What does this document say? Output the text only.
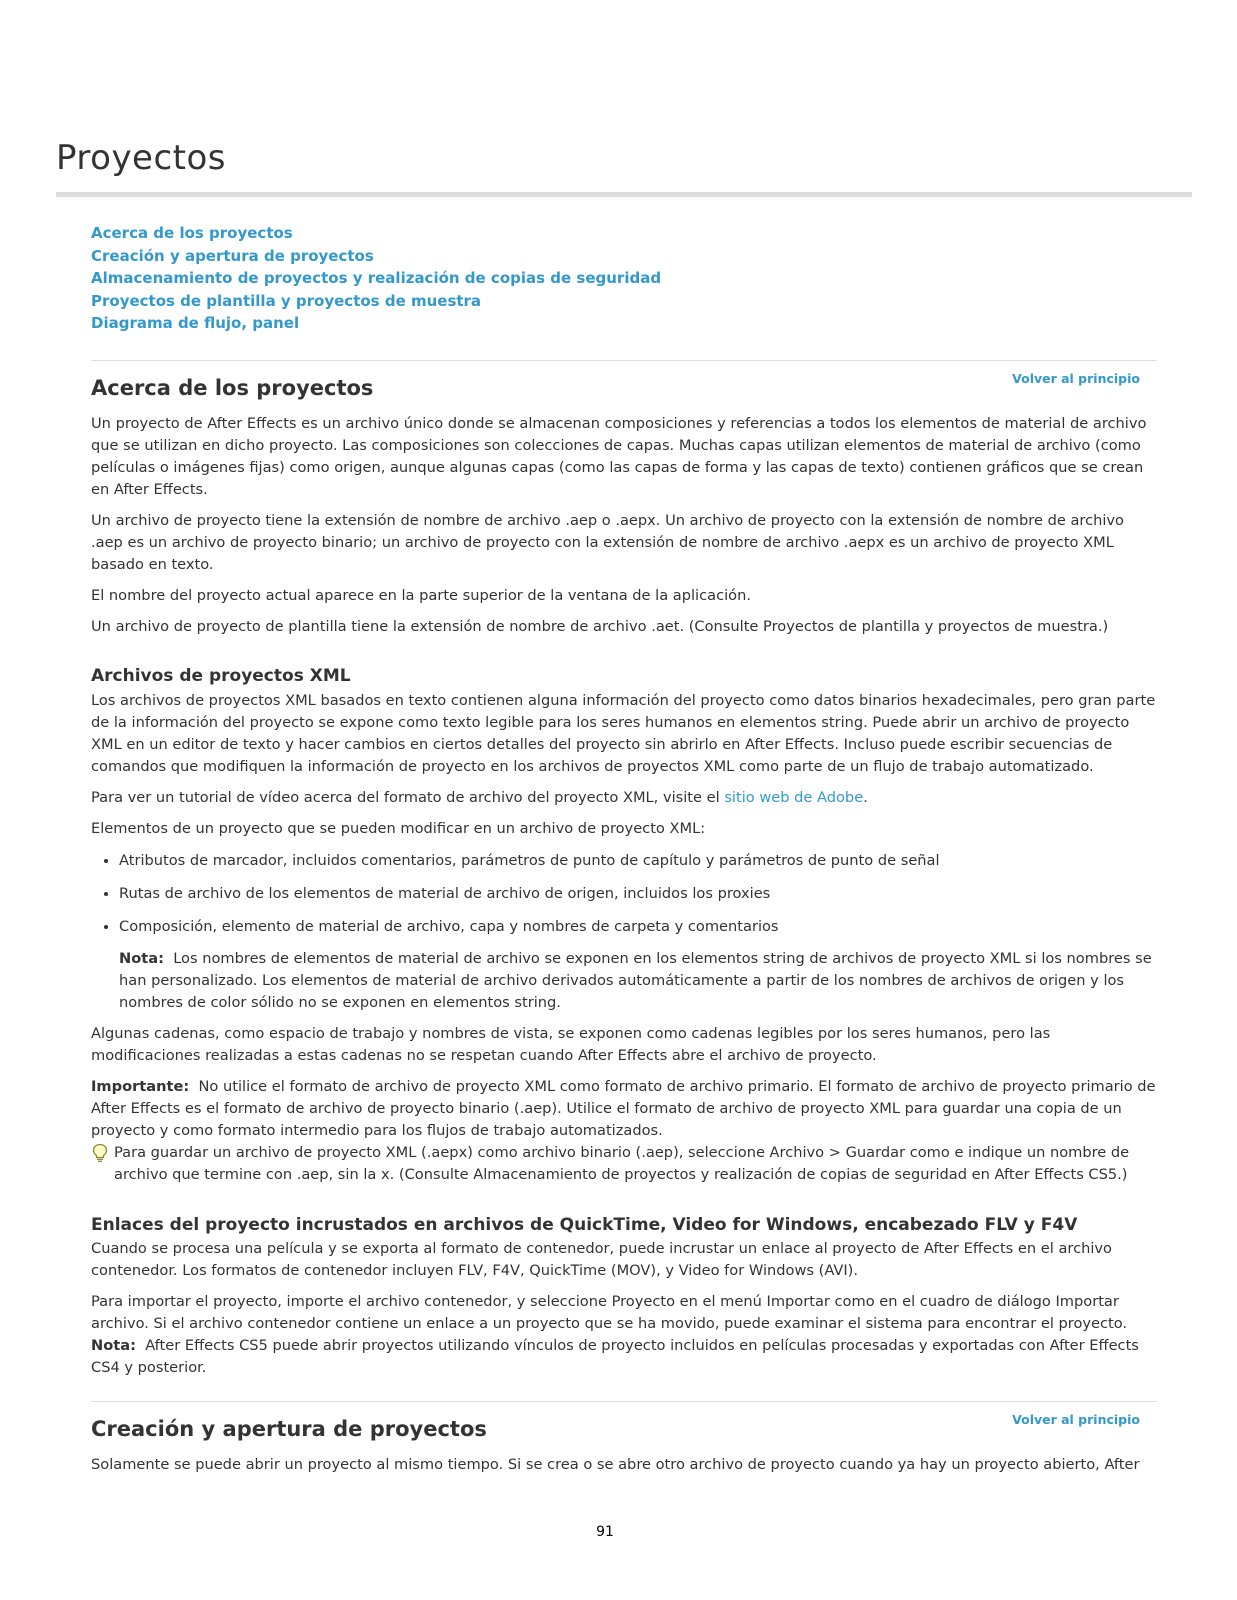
Proyectos
Acerca de los proyectos
Creación y apertura de proyectos
Almacenamiento de proyectos y realización de copias de seguridad
Proyectos de plantilla y proyectos de muestra
Diagrama de flujo, panel
Volver al principio
Acerca de los proyectos

Un proyecto de After Effects es un archivo único donde se almacenan composiciones y referencias a todos los elementos de material de archivo que se utilizan en dicho proyecto. Las composiciones son colecciones de capas. Muchas capas utilizan elementos de material de archivo (como películas o imágenes fijas) como origen, aunque algunas capas (como las capas de forma y las capas de texto) contienen gráficos que se crean en After Effects.

Un archivo de proyecto tiene la extensión de nombre de archivo .aep o .aepx. Un archivo de proyecto con la extensión de nombre de archivo .aep es un archivo de proyecto binario; un archivo de proyecto con la extensión de nombre de archivo .aepx es un archivo de proyecto XML basado en texto.

El nombre del proyecto actual aparece en la parte superior de la ventana de la aplicación.

Un archivo de proyecto de plantilla tiene la extensión de nombre de archivo .aet. (Consulte Proyectos de plantilla y proyectos de muestra.)

Archivos de proyectos XML

Los archivos de proyectos XML basados en texto contienen alguna información del proyecto como datos binarios hexadecimales, pero gran parte de la información del proyecto se expone como texto legible para los seres humanos en elementos string. Puede abrir un archivo de proyecto XML en un editor de texto y hacer cambios en ciertos detalles del proyecto sin abrirlo en After Effects. Incluso puede escribir secuencias de comandos que modifiquen la información de proyecto en los archivos de proyectos XML como parte de un flujo de trabajo automatizado.

Para ver un tutorial de vídeo acerca del formato de archivo del proyecto XML, visite el sitio web de Adobe.

Elementos de un proyecto que se pueden modificar en un archivo de proyecto XML:

• Atributos de marcador, incluidos comentarios, parámetros de punto de capítulo y parámetros de punto de señal
• Rutas de archivo de los elementos de material de archivo de origen, incluidos los proxies
• Composición, elemento de material de archivo, capa y nombres de carpeta y comentarios

Nota: Los nombres de elementos de material de archivo se exponen en los elementos string de archivos de proyecto XML si los nombres se han personalizado. Los elementos de material de archivo derivados automáticamente a partir de los nombres de archivos de origen y los nombres de color sólido no se exponen en elementos string.

Algunas cadenas, como espacio de trabajo y nombres de vista, se exponen como cadenas legibles por los seres humanos, pero las modificaciones realizadas a estas cadenas no se respetan cuando After Effects abre el archivo de proyecto.

Importante: No utilice el formato de archivo de proyecto XML como formato de archivo primario. El formato de archivo de proyecto primario de After Effects es el formato de archivo de proyecto binario (.aep). Utilice el formato de archivo de proyecto XML para guardar una copia de un proyecto y como formato intermedio para los flujos de trabajo automatizados.

Para guardar un archivo de proyecto XML (.aepx) como archivo binario (.aep), seleccione Archivo > Guardar como e indique un nombre de archivo que termine con .aep, sin la x. (Consulte Almacenamiento de proyectos y realización de copias de seguridad en After Effects CS5.)

Enlaces del proyecto incrustados en archivos de QuickTime, Video for Windows, encabezado FLV y F4V

Cuando se procesa una película y se exporta al formato de contenedor, puede incrustar un enlace al proyecto de After Effects en el archivo contenedor. Los formatos de contenedor incluyen FLV, F4V, QuickTime (MOV), y Video for Windows (AVI).

Para importar el proyecto, importe el archivo contenedor, y seleccione Proyecto en el menú Importar como en el cuadro de diálogo Importar archivo. Si el archivo contenedor contiene un enlace a un proyecto que se ha movido, puede examinar el sistema para encontrar el proyecto.

Nota: After Effects CS5 puede abrir proyectos utilizando vínculos de proyecto incluidos en películas procesadas y exportadas con After Effects CS4 y posterior.

Volver al principio
Creación y apertura de proyectos

Solamente se puede abrir un proyecto al mismo tiempo. Si se crea o se abre otro archivo de proyecto cuando ya hay un proyecto abierto, After

91
